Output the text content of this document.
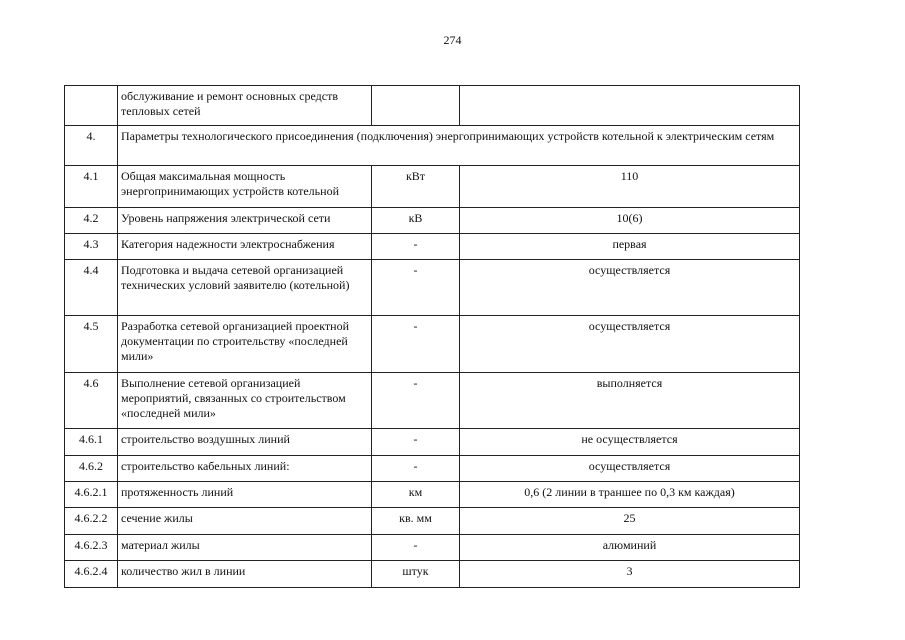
274
	обслуживание и ремонт основных средств тепловых сетей		
4.	Параметры технологического присоединения (подключения) энергопринимающих устройств котельной к электрическим сетям		
4.1	Общая максимальная мощность энергопринимающих устройств котельной	кВт	110
4.2	Уровень напряжения электрической сети	кВ	10(6)
4.3	Категория надежности электроснабжения	-	первая
4.4	Подготовка и выдача сетевой организацией технических условий заявителю (котельной)	-	осуществляется
4.5	Разработка сетевой организацией проектной документации по строительству «последней мили»	-	осуществляется
4.6	Выполнение сетевой организацией мероприятий, связанных со строительством «последней мили»	-	выполняется
4.6.1	строительство воздушных линий	-	не осуществляется
4.6.2	строительство кабельных линий:	-	осуществляется
4.6.2.1	протяженность линий	км	0,6 (2 линии в траншее по 0,3 км каждая)
4.6.2.2	сечение жилы	кв. мм	25
4.6.2.3	материал жилы	-	алюминий
4.6.2.4	количество жил в линии	штук	3
